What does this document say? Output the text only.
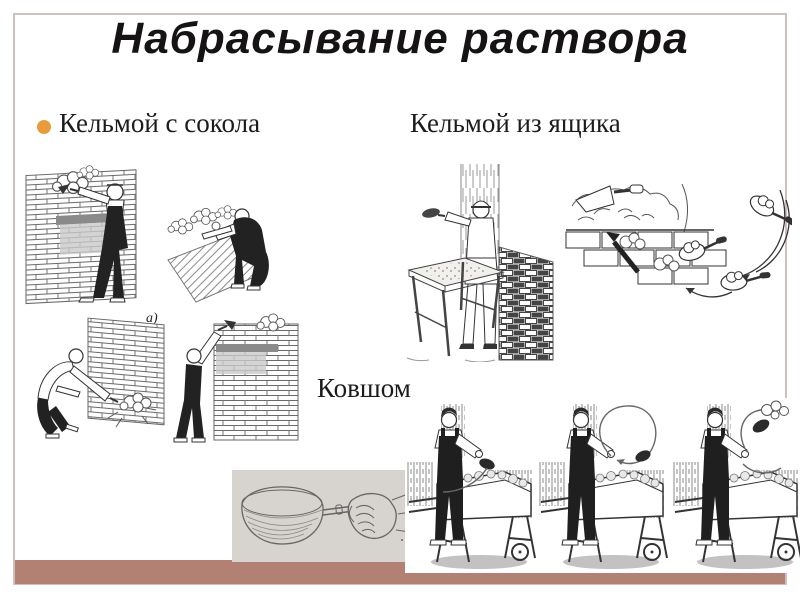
Набрасывание раствора
Кельмой с сокола	Кельмой из ящика
Ковшом
а)
